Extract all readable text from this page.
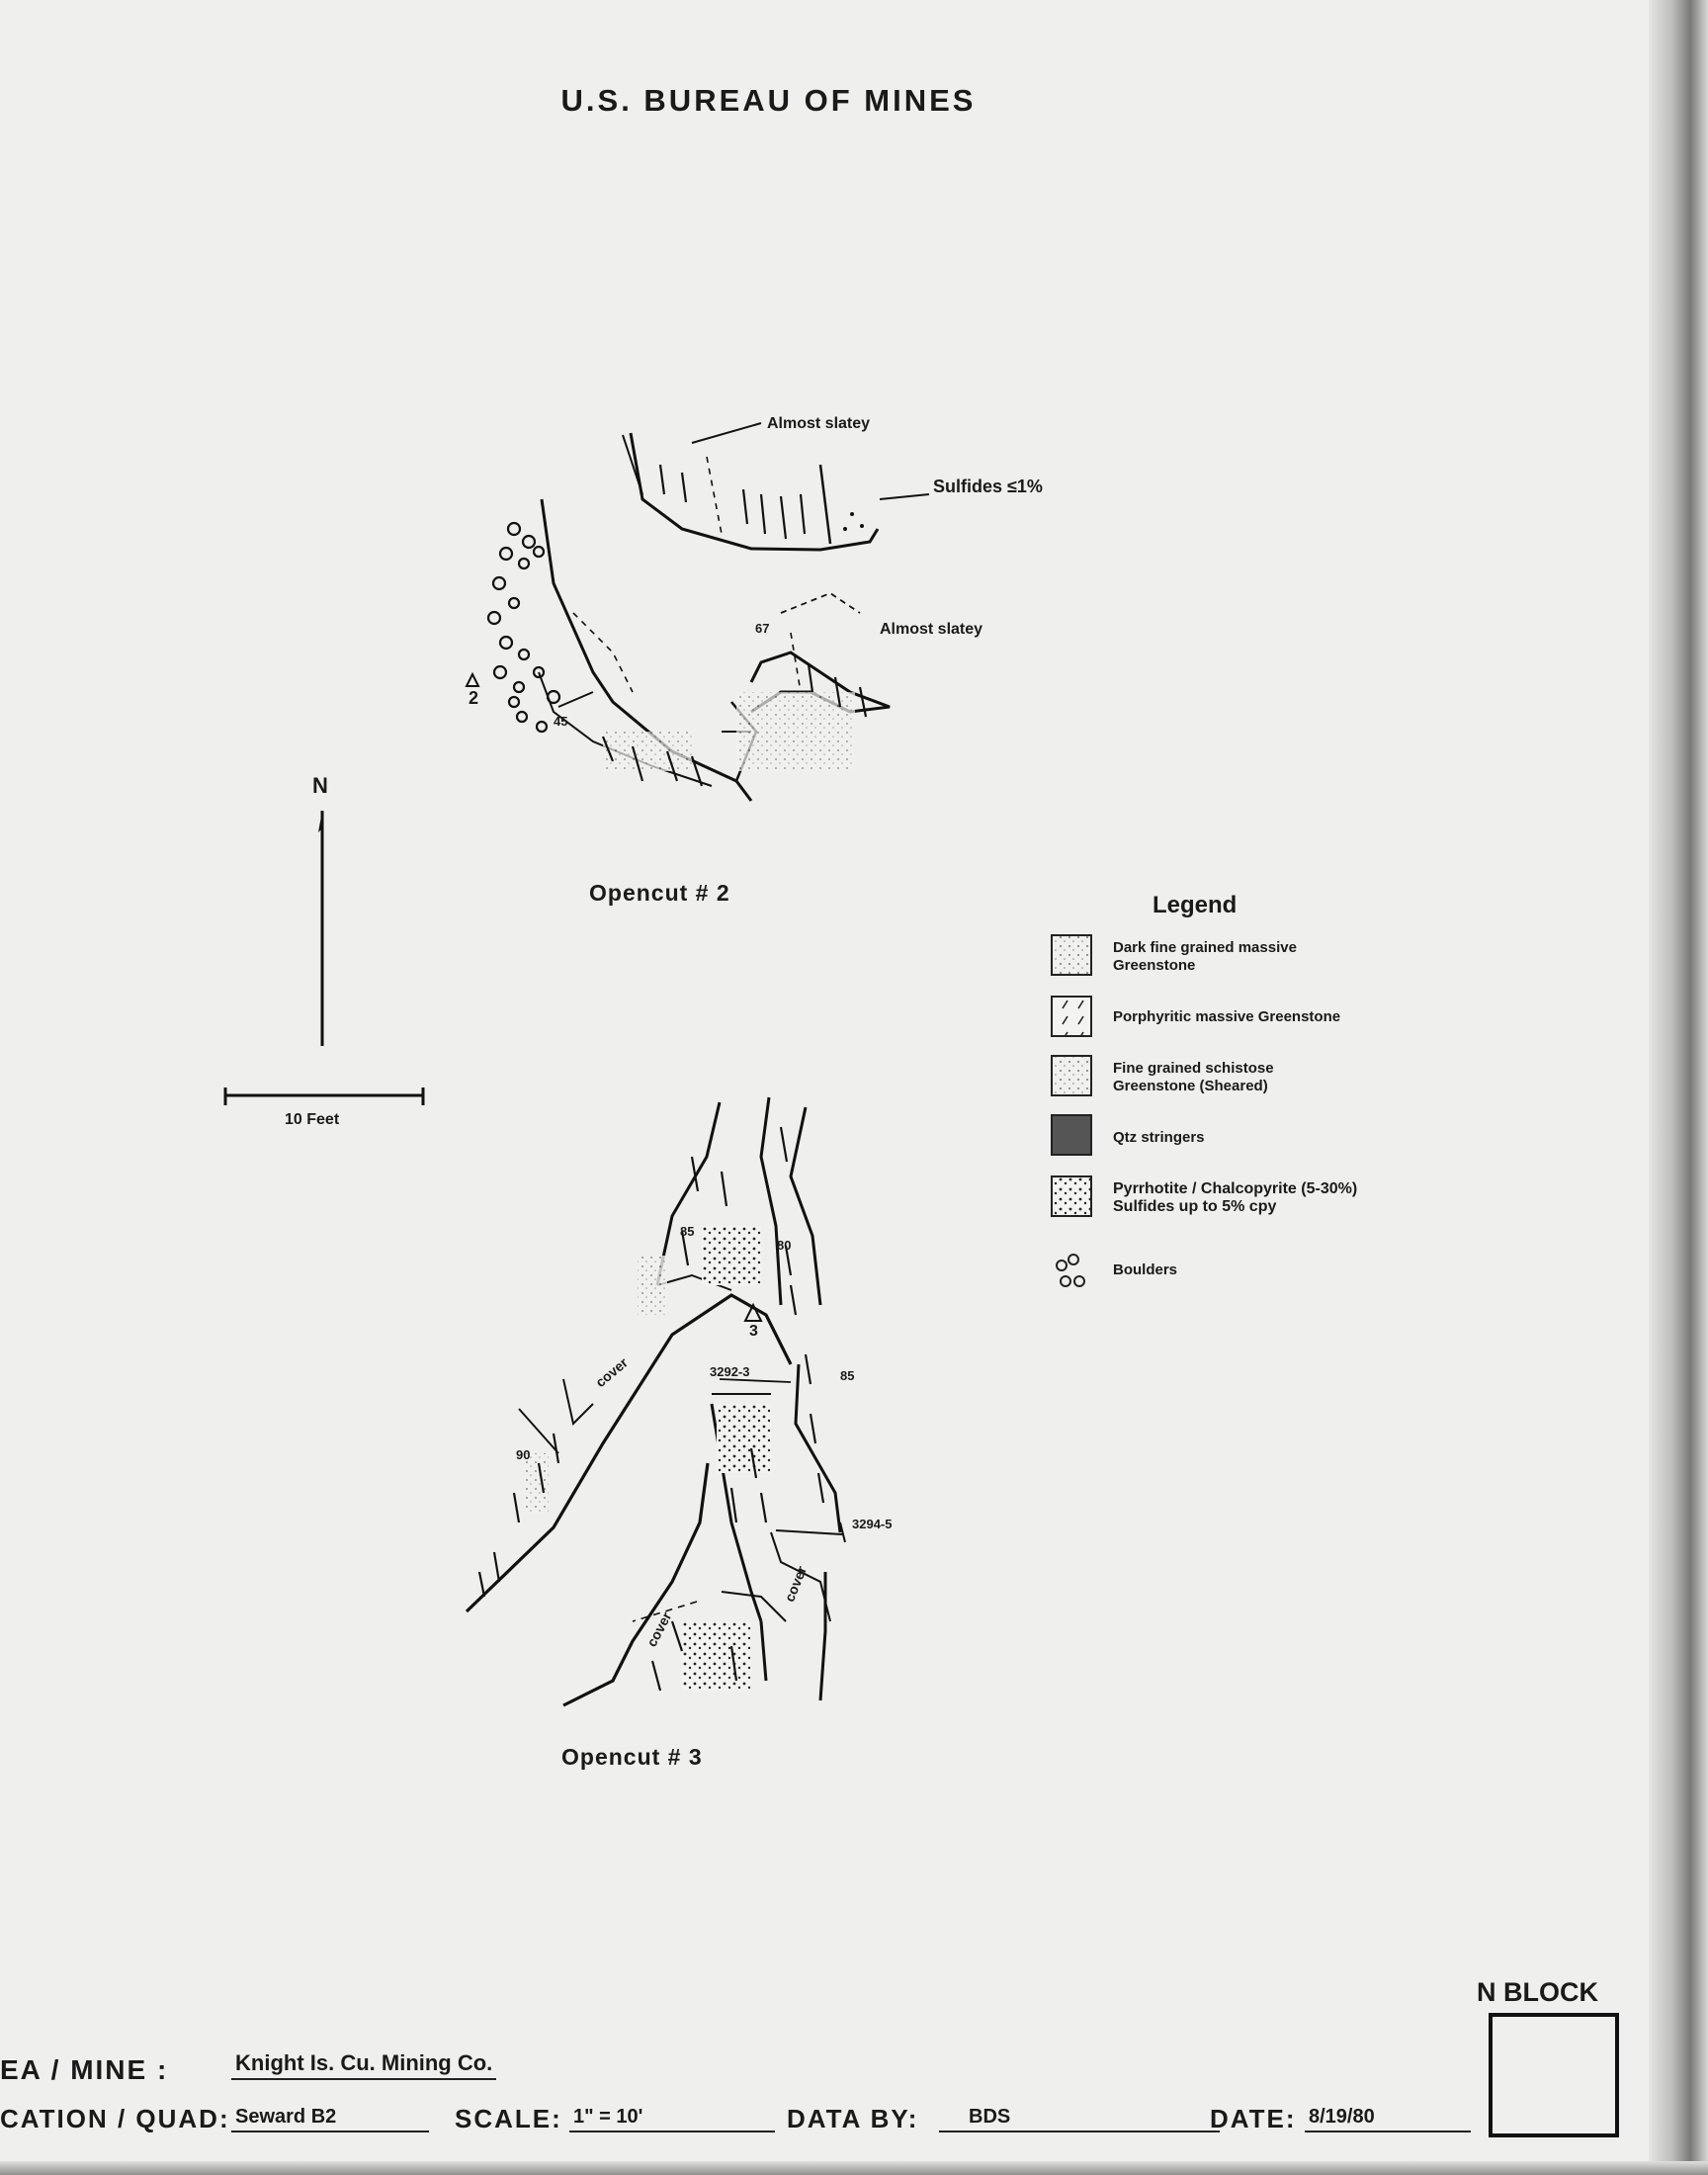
U.S. BUREAU OF MINES
N
10 Feet
Almost slatey
Sulfides ≤1%
Almost slatey
67
45
2
Opencut # 2
85
80
3
3292-3	85
90
3294-5
cover
cover
cover
Opencut # 3
Legend
Dark fine grained massive
Greenstone
Porphyritic massive Greenstone
Fine grained schistose
Greenstone (Sheared)
Qtz stringers
Pyrrhotite / Chalcopyrite (5-30%)
Sulfides up to 5% cpy
Boulders
EA / MINE :	Knight Is. Cu. Mining Co.
CATION / QUAD: Seward B2	SCALE: 1" = 10'	DATA BY:	BDS	DATE: 8/19/80
N BLOCK
